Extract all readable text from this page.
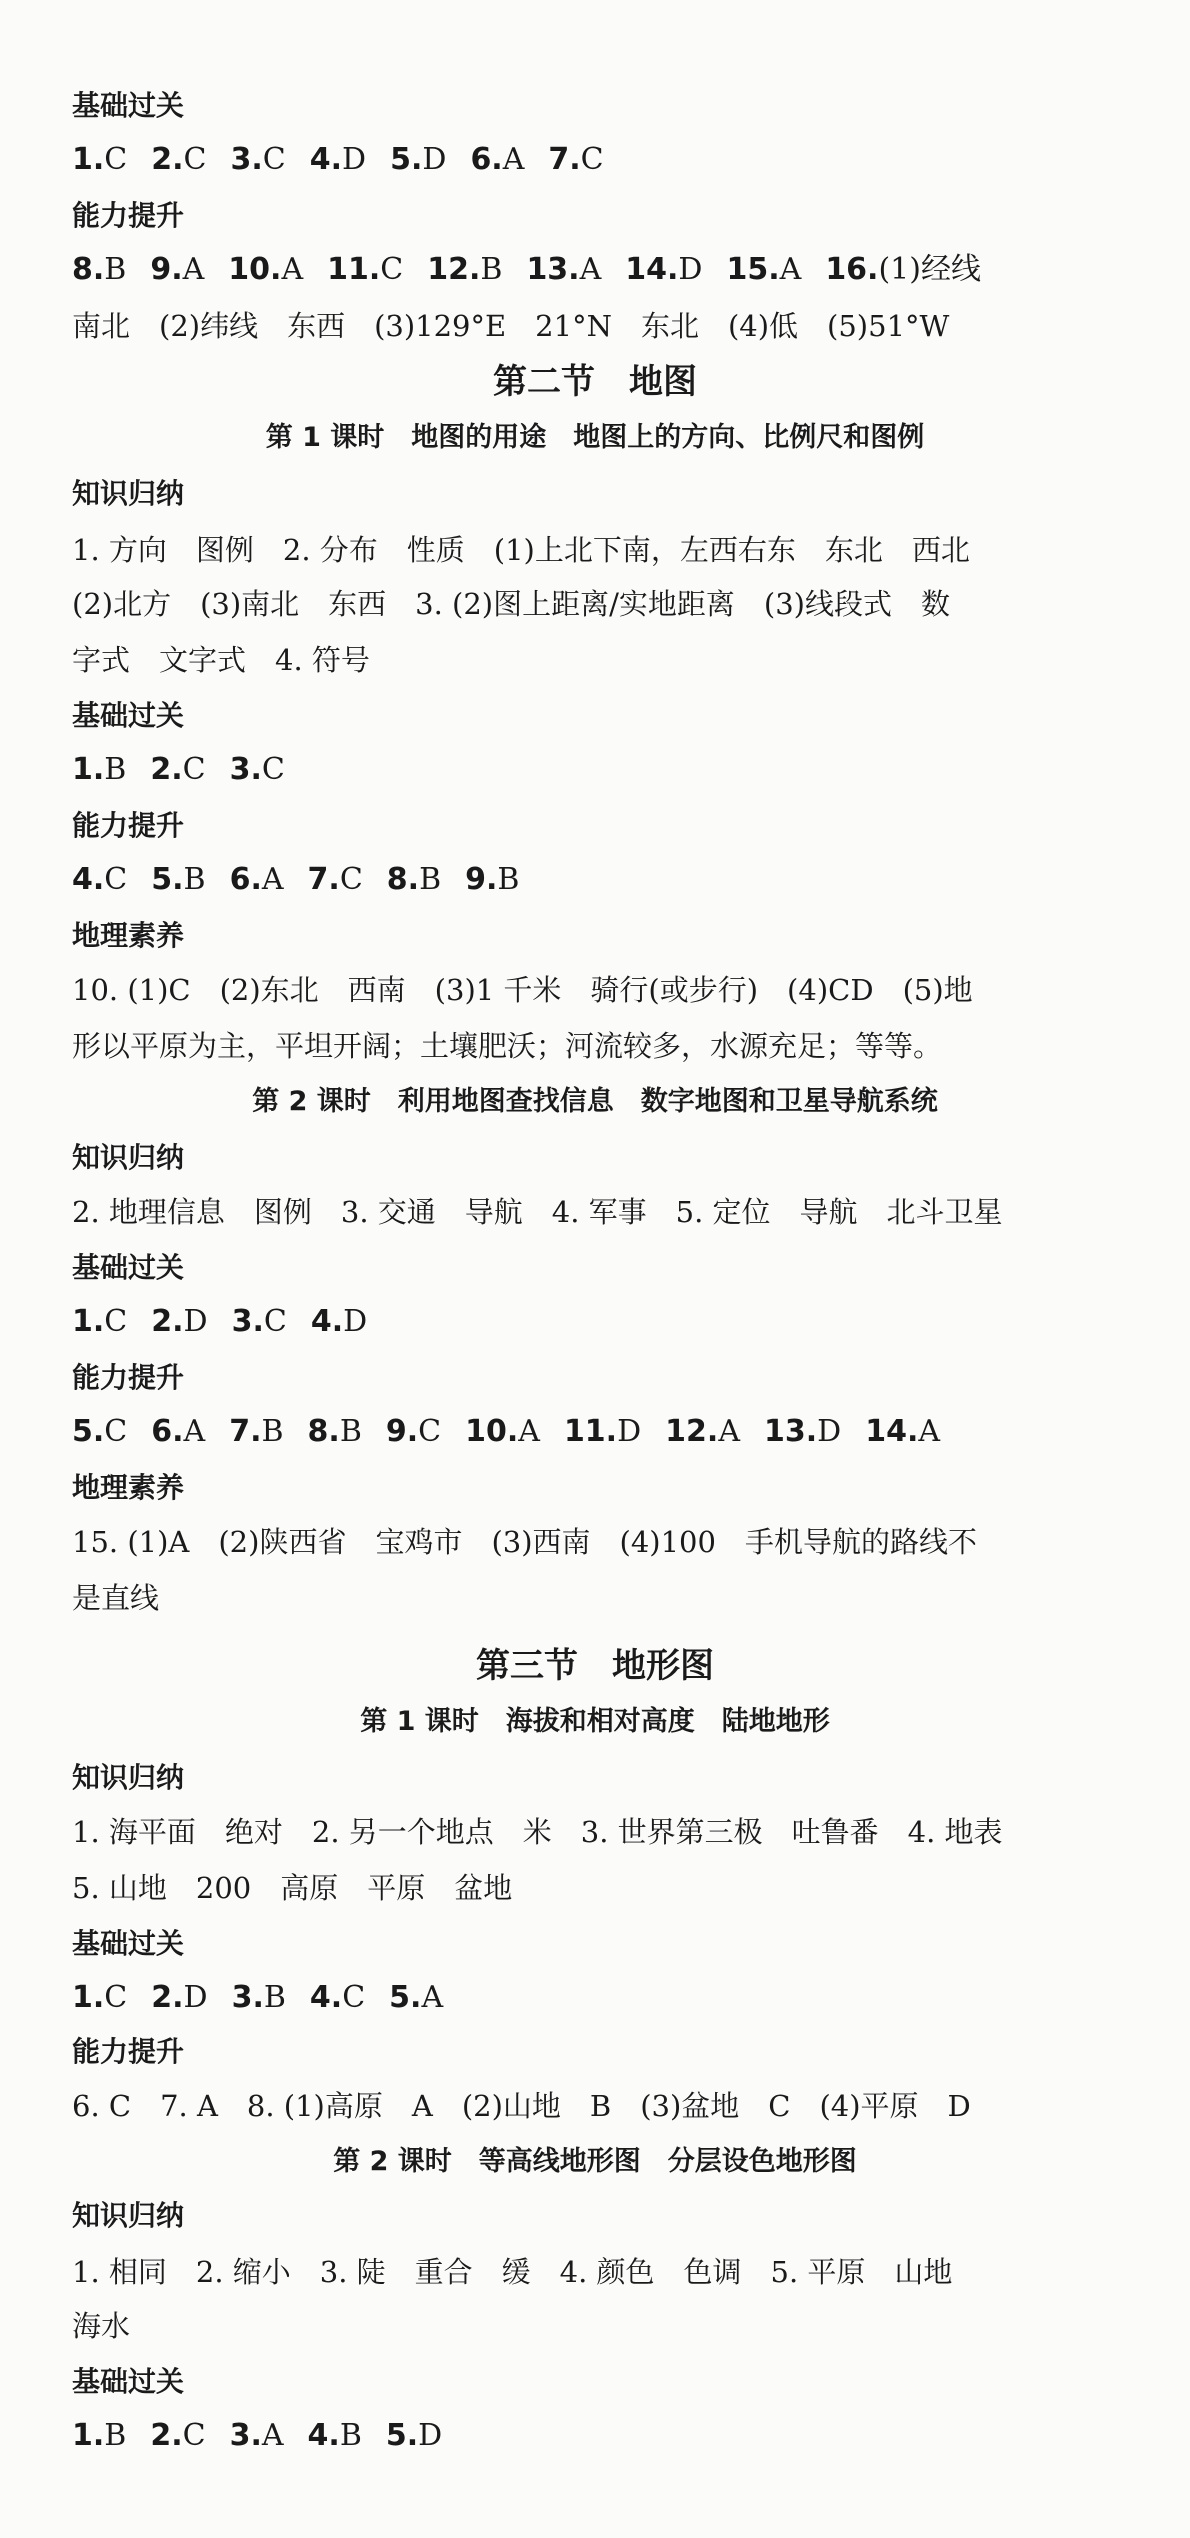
基础过关
1.C 2.C 3.C 4.D 5.D 6.A 7.C
能力提升
8.B 9.A 10.A 11.C 12.B 13.A 14.D 15.A 16.(1)经线
南北　(2)纬线　东西　(3)129°E　21°N　东北　(4)低　(5)51°W
第二节　地图
第 1 课时　地图的用途　地图上的方向、比例尺和图例
知识归纳
1. 方向　图例　2. 分布　性质　(1)上北下南，左西右东　东北　西北
(2)北方　(3)南北　东西　3. (2)图上距离/实地距离　(3)线段式　数
字式　文字式　4. 符号
基础过关
1.B 2.C 3.C
能力提升
4.C 5.B 6.A 7.C 8.B 9.B
地理素养
10. (1)C　(2)东北　西南　(3)1 千米　骑行(或步行)　(4)CD　(5)地
形以平原为主，平坦开阔；土壤肥沃；河流较多，水源充足；等等。
第 2 课时　利用地图查找信息　数字地图和卫星导航系统
知识归纳
2. 地理信息　图例　3. 交通　导航　4. 军事　5. 定位　导航　北斗卫星
基础过关
1.C 2.D 3.C 4.D
能力提升
5.C 6.A 7.B 8.B 9.C 10.A 11.D 12.A 13.D 14.A
地理素养
15. (1)A　(2)陕西省　宝鸡市　(3)西南　(4)100　手机导航的路线不
是直线
第三节　地形图
第 1 课时　海拔和相对高度　陆地地形
知识归纳
1. 海平面　绝对　2. 另一个地点　米　3. 世界第三极　吐鲁番　4. 地表
5. 山地　200　高原　平原　盆地
基础过关
1.C 2.D 3.B 4.C 5.A
能力提升
6. C　7. A　8. (1)高原　A　(2)山地　B　(3)盆地　C　(4)平原　D
第 2 课时　等高线地形图　分层设色地形图
知识归纳
1. 相同　2. 缩小　3. 陡　重合　缓　4. 颜色　色调　5. 平原　山地
海水
基础过关
1.B 2.C 3.A 4.B 5.D
